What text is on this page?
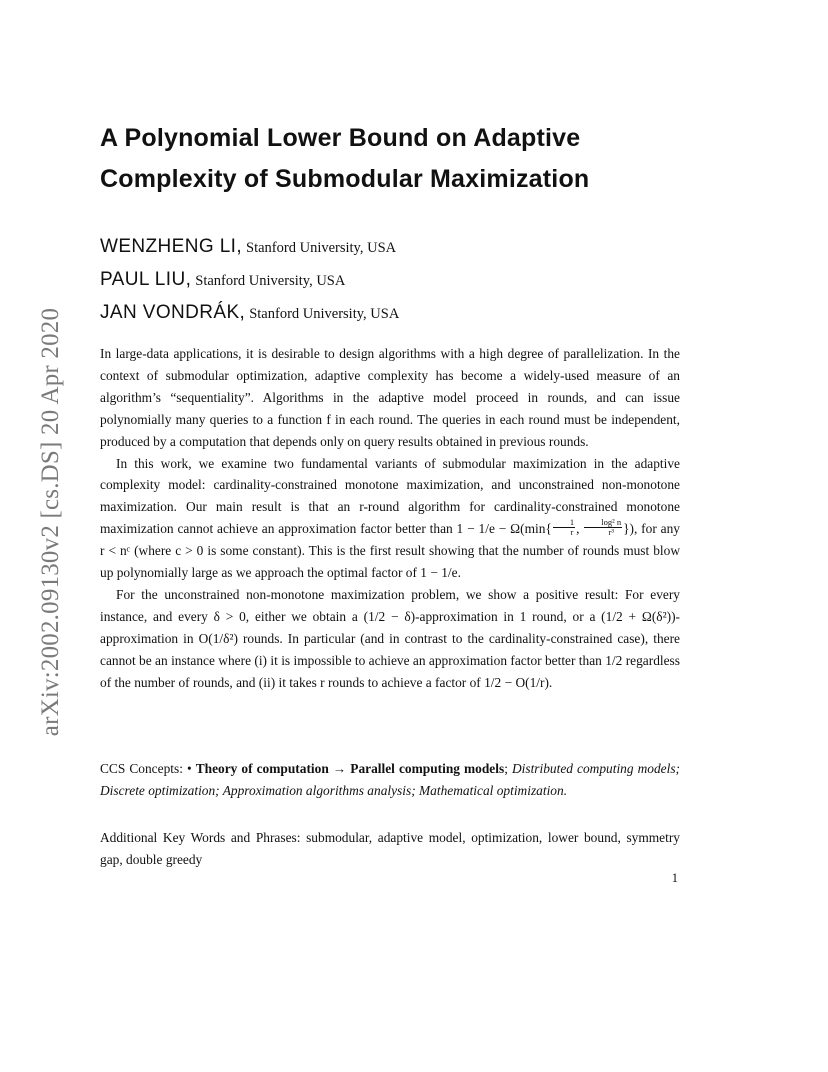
arXiv:2002.09130v2 [cs.DS] 20 Apr 2020
A Polynomial Lower Bound on Adaptive
Complexity of Submodular Maximization
WENZHENG LI, Stanford University, USA
PAUL LIU, Stanford University, USA
JAN VONDRÁK, Stanford University, USA

In large-data applications, it is desirable to design algorithms with a high degree of parallelization. In the context of submodular optimization, adaptive complexity has become a widely-used measure of an algorithm’s “sequentiality”. Algorithms in the adaptive model proceed in rounds, and can issue polynomially many queries to a function f in each round. The queries in each round must be independent, produced by a computation that depends only on query results obtained in previous rounds.

In this work, we examine two fundamental variants of submodular maximization in the adaptive complexity model: cardinality-constrained monotone maximization, and unconstrained non-monotone maximization. Our main result is that an r-round algorithm for cardinality-constrained monotone maximization cannot achieve an approximation factor better than $1 - 1/e - \Omega(\min\{ \frac{1}{r}$ , $\frac{\text{log² n}}{\text{r³}}$ }), for any r < nᶜ (where c > 0 is some constant). This is the first result showing that the number of rounds must blow up polynomially large as we approach the optimal factor of 1 − 1/e.

For the unconstrained non-monotone maximization problem, we show a positive result: For every instance, and every δ > 0, either we obtain a (1/2 − δ)-approximation in 1 round, or a (1/2 + Ω(δ²))-approximation in O(1/δ²) rounds. In particular (and in contrast to the cardinality-constrained case), there cannot be an instance where (i) it is impossible to achieve an approximation factor better than 1/2 regardless of the number of rounds, and (ii) it takes r rounds to achieve a factor of 1/2 − O(1/r).

CCS Concepts: • Theory of computation → Parallel computing models; Distributed computing models; Discrete optimization; Approximation algorithms analysis; Mathematical optimization.
Additional Key Words and Phrases: submodular, adaptive model, optimization, lower bound, symmetry gap, double greedy
1
